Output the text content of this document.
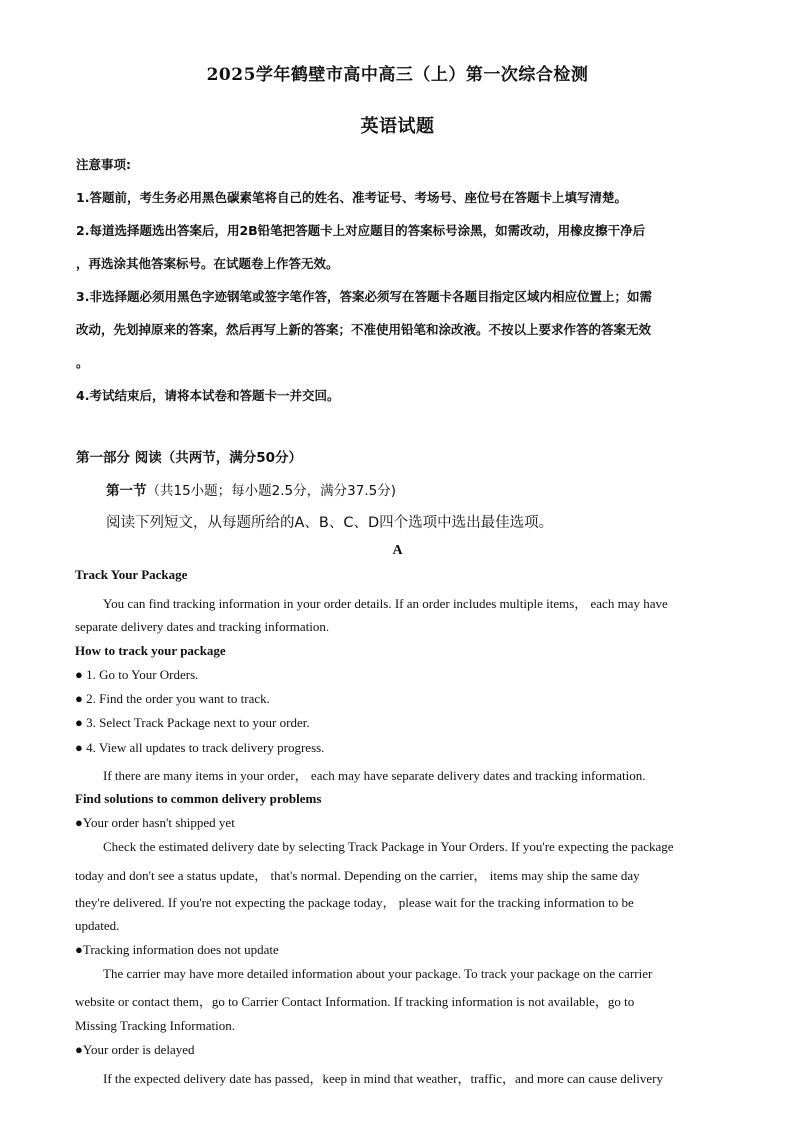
2025学年鹤壁市高中高三（上）第一次综合检测
英语试题

注意事项:

1.答题前，考生务必用黑色碳素笔将自己的姓名、准考证号、考场号、座位号在答题卡上填写清楚。

2.每道选择题选出答案后，用2B铅笔把答题卡上对应题目的答案标号涂黑，如需改动，用橡皮擦干净后

，再选涂其他答案标号。在试题卷上作答无效。

3.非选择题必须用黑色字迹钢笔或签字笔作答，答案必须写在答题卡各题目指定区域内相应位置上；如需

改动，先划掉原来的答案，然后再写上新的答案；不准使用铅笔和涂改液。不按以上要求作答的答案无效

。

4.考试结束后，请将本试卷和答题卡一并交回。

第一部分 阅读（共两节，满分50分）
第一节（共15小题；每小题2.5分，满分37.5分)
阅读下列短文，从每题所给的A、B、C、D四个选项中选出最佳选项。
A
Track Your Package
You can find tracking information in your order details. If an order includes multiple items， each may have
separate delivery dates and tracking information.
How to track your package
● 1. Go to Your Orders.
● 2. Find the order you want to track.
● 3. Select Track Package next to your order.
● 4. View all updates to track delivery progress.
If there are many items in your order， each may have separate delivery dates and tracking information.
Find solutions to common delivery problems
●Your order hasn't shipped yet
Check the estimated delivery date by selecting Track Package in Your Orders. If you're expecting the package
today and don't see a status update， that's normal. Depending on the carrier， items may ship the same day
they're delivered. If you're not expecting the package today， please wait for the tracking information to be
updated.
●Tracking information does not update
The carrier may have more detailed information about your package. To track your package on the carrier
website or contact them，go to Carrier Contact Information. If tracking information is not available，go to
Missing Tracking Information.
●Your order is delayed
If the expected delivery date has passed，keep in mind that weather，traffic，and more can cause delivery
